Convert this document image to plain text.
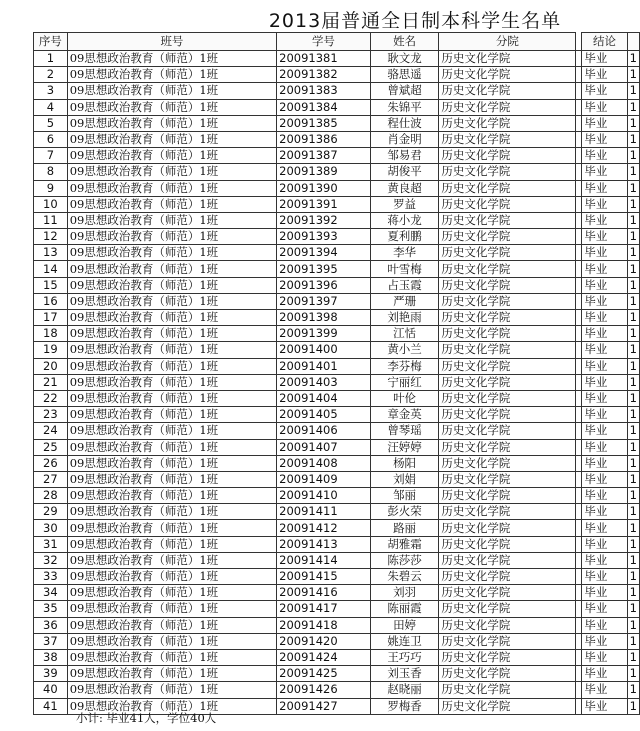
2013届普通全日制本科学生名单
序号	班号	学号	姓名	分院		结论	
1	09思想政治教育（师范）1班	20091381	耿文龙	历史文化学院		毕业	1
2	09思想政治教育（师范）1班	20091382	骆思遥	历史文化学院		毕业	1
3	09思想政治教育（师范）1班	20091383	曾斌超	历史文化学院		毕业	1
4	09思想政治教育（师范）1班	20091384	朱锦平	历史文化学院		毕业	1
5	09思想政治教育（师范）1班	20091385	程仕波	历史文化学院		毕业	1
6	09思想政治教育（师范）1班	20091386	肖金明	历史文化学院		毕业	1
7	09思想政治教育（师范）1班	20091387	邹易君	历史文化学院		毕业	1
8	09思想政治教育（师范）1班	20091389	胡俊平	历史文化学院		毕业	1
9	09思想政治教育（师范）1班	20091390	黄良超	历史文化学院		毕业	1
10	09思想政治教育（师范）1班	20091391	罗益	历史文化学院		毕业	1
11	09思想政治教育（师范）1班	20091392	蒋小龙	历史文化学院		毕业	1
12	09思想政治教育（师范）1班	20091393	夏利鹏	历史文化学院		毕业	1
13	09思想政治教育（师范）1班	20091394	李华	历史文化学院		毕业	1
14	09思想政治教育（师范）1班	20091395	叶雪梅	历史文化学院		毕业	1
15	09思想政治教育（师范）1班	20091396	占玉霞	历史文化学院		毕业	1
16	09思想政治教育（师范）1班	20091397	严珊	历史文化学院		毕业	1
17	09思想政治教育（师范）1班	20091398	刘艳雨	历史文化学院		毕业	1
18	09思想政治教育（师范）1班	20091399	江恬	历史文化学院		毕业	1
19	09思想政治教育（师范）1班	20091400	黄小兰	历史文化学院		毕业	1
20	09思想政治教育（师范）1班	20091401	李芬梅	历史文化学院		毕业	1
21	09思想政治教育（师范）1班	20091403	宁丽红	历史文化学院		毕业	1
22	09思想政治教育（师范）1班	20091404	叶伦	历史文化学院		毕业	1
23	09思想政治教育（师范）1班	20091405	章金英	历史文化学院		毕业	1
24	09思想政治教育（师范）1班	20091406	曾琴瑶	历史文化学院		毕业	1
25	09思想政治教育（师范）1班	20091407	汪婷婷	历史文化学院		毕业	1
26	09思想政治教育（师范）1班	20091408	杨阳	历史文化学院		毕业	1
27	09思想政治教育（师范）1班	20091409	刘娟	历史文化学院		毕业	1
28	09思想政治教育（师范）1班	20091410	邹丽	历史文化学院		毕业	1
29	09思想政治教育（师范）1班	20091411	彭火荣	历史文化学院		毕业	1
30	09思想政治教育（师范）1班	20091412	路丽	历史文化学院		毕业	1
31	09思想政治教育（师范）1班	20091413	胡雅霜	历史文化学院		毕业	1
32	09思想政治教育（师范）1班	20091414	陈莎莎	历史文化学院		毕业	1
33	09思想政治教育（师范）1班	20091415	朱碧云	历史文化学院		毕业	1
34	09思想政治教育（师范）1班	20091416	刘羽	历史文化学院		毕业	1
35	09思想政治教育（师范）1班	20091417	陈丽霞	历史文化学院		毕业	1
36	09思想政治教育（师范）1班	20091418	田婷	历史文化学院		毕业	1
37	09思想政治教育（师范）1班	20091420	姚连卫	历史文化学院		毕业	1
38	09思想政治教育（师范）1班	20091424	王巧巧	历史文化学院		毕业	1
39	09思想政治教育（师范）1班	20091425	刘玉香	历史文化学院		毕业	1
40	09思想政治教育（师范）1班	20091426	赵晓丽	历史文化学院		毕业	1
41	09思想政治教育（师范）1班	20091427	罗梅香	历史文化学院		毕业	1
小计: 毕业41人，学位40人
